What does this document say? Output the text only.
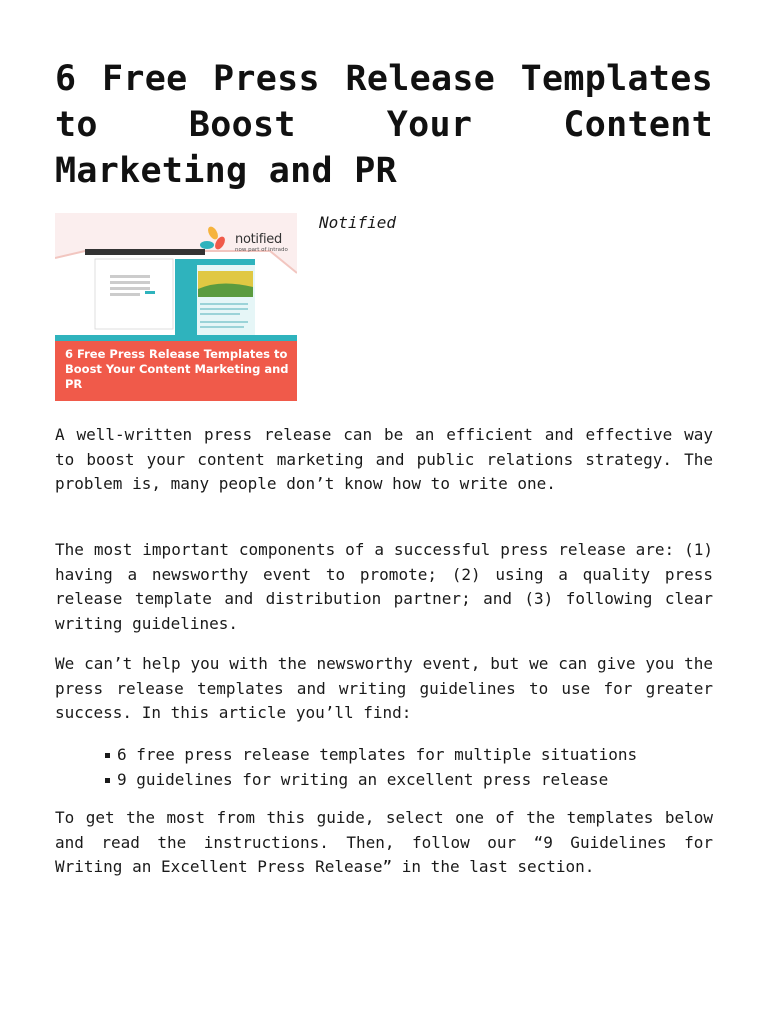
6 Free Press Release Templates to Boost Your Content Marketing and PR
6 Free Press Release Templates to Boost Your Content Marketing and PR
notified
now part of intrado
Notified

A well-written press release can be an efficient and effective way to boost your content marketing and public relations strategy. The problem is, many people don’t know how to write one.

The most important components of a successful press release are: (1) having a newsworthy event to promote; (2) using a quality press release template and distribution partner; and (3) following clear writing guidelines.

We can’t help you with the newsworthy event, but we can give you the press release templates and writing guidelines to use for greater success. In this article you’ll find:

6 free press release templates for multiple situations
9 guidelines for writing an excellent press release

To get the most from this guide, select one of the templates below and read the instructions. Then, follow our “9 Guidelines for Writing an Excellent Press Release” in the last section.
